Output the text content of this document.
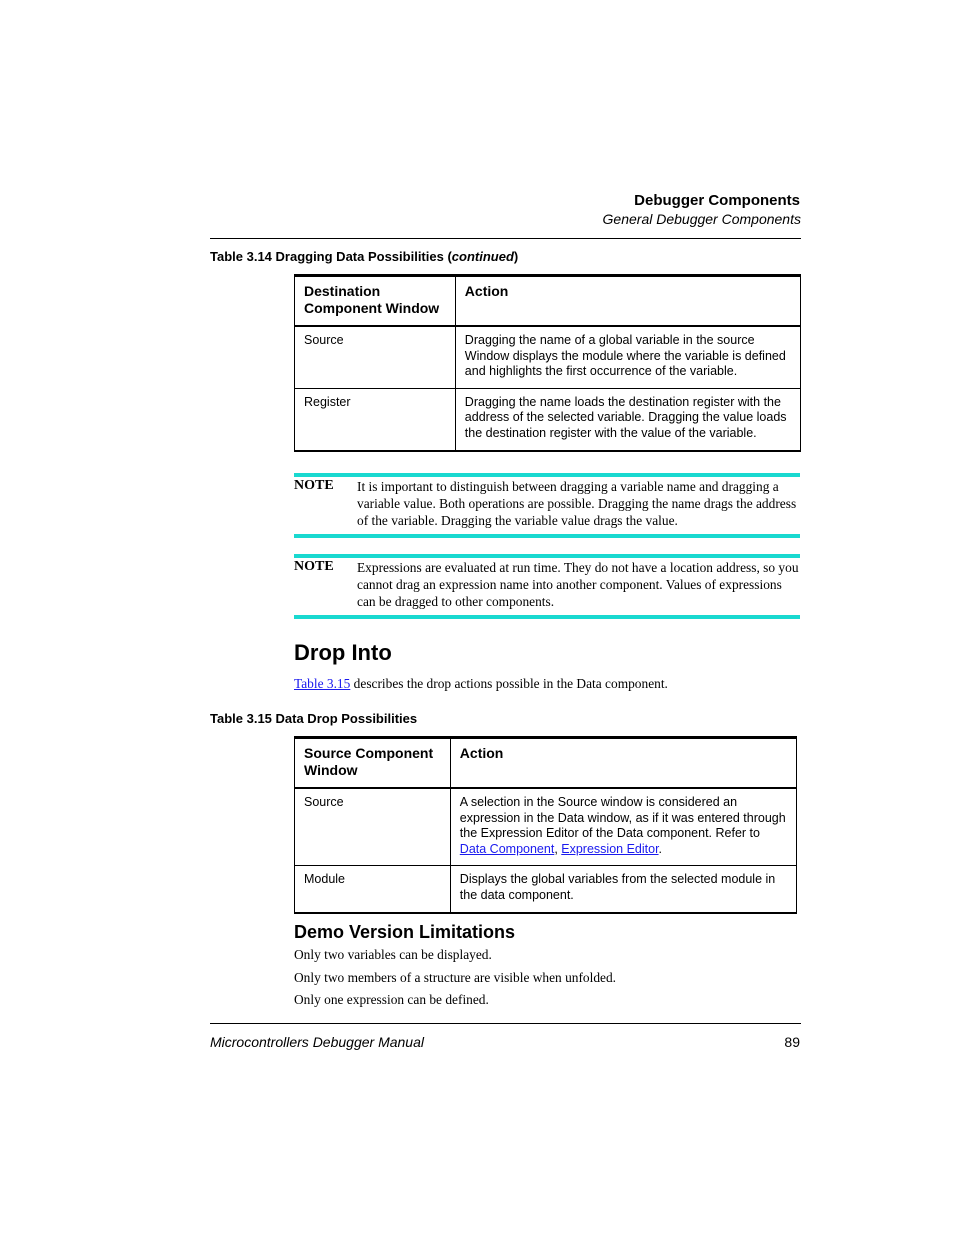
Debugger Components
General Debugger Components
Table 3.14 Dragging Data Possibilities (continued)
Destination Component Window	Action
Source	Dragging the name of a global variable in the source Window displays the module where the variable is defined and highlights the first occurrence of the variable.
Register	Dragging the name loads the destination register with the address of the selected variable. Dragging the value loads the destination register with the value of the variable.
NOTE It is important to distinguish between dragging a variable name and dragging a variable value. Both operations are possible. Dragging the name drags the address of the variable. Dragging the variable value drags the value.
NOTE Expressions are evaluated at run time. They do not have a location address, so you cannot drag an expression name into another component. Values of expressions can be dragged to other components.
Drop Into
Table 3.15 describes the drop actions possible in the Data component.
Table 3.15 Data Drop Possibilities
Source Component Window	Action
Source	A selection in the Source window is considered an expression in the Data window, as if it was entered through the Expression Editor of the Data component. Refer to Data Component, Expression Editor.
Module	Displays the global variables from the selected module in the data component.
Demo Version Limitations
Only two variables can be displayed.
Only two members of a structure are visible when unfolded.
Only one expression can be defined.
Microcontrollers Debugger Manual	89
